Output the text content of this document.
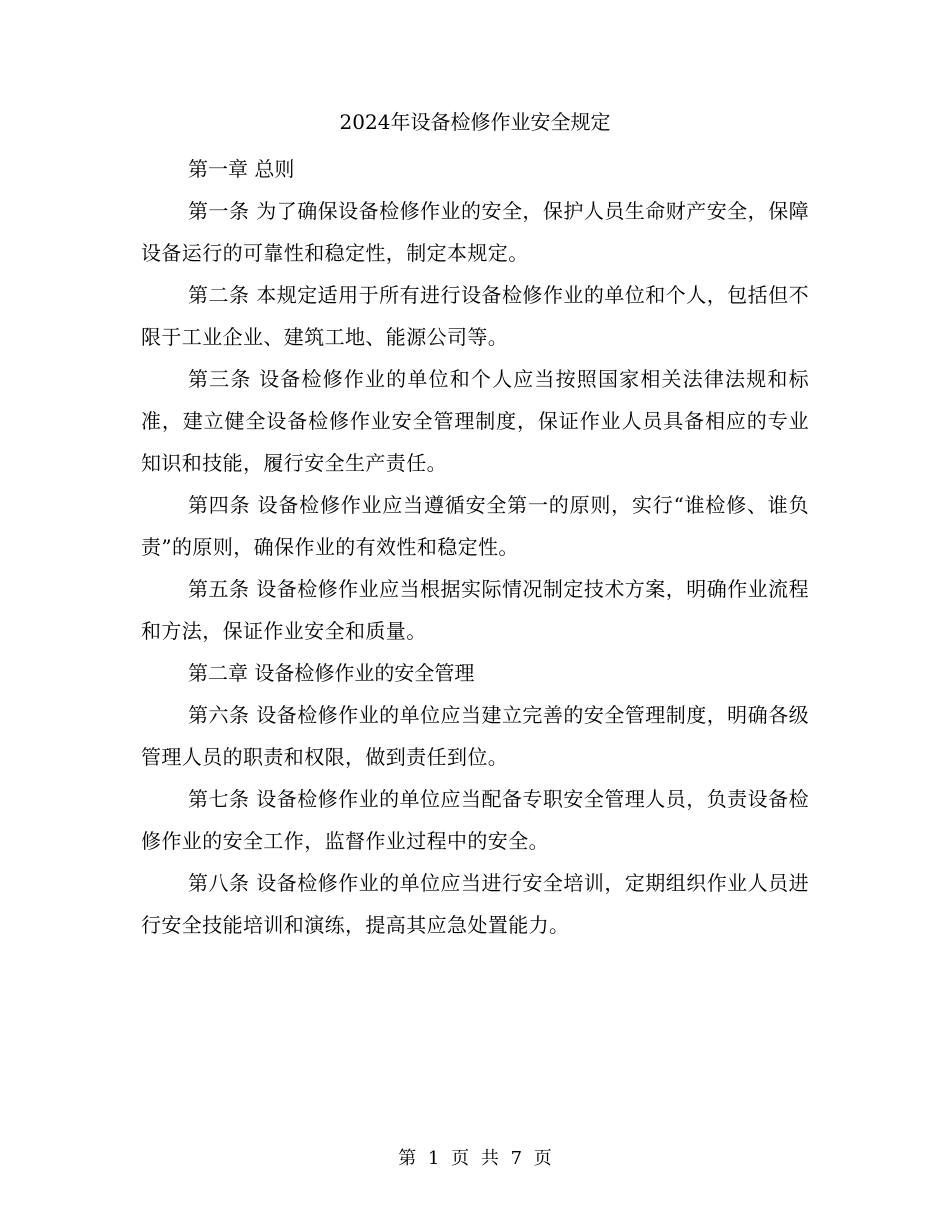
2024年设备检修作业安全规定

第一章 总则

第一条 为了确保设备检修作业的安全，保护人员生命财产安全，保障设备运行的可靠性和稳定性，制定本规定。

第二条 本规定适用于所有进行设备检修作业的单位和个人，包括但不限于工业企业、建筑工地、能源公司等。

第三条 设备检修作业的单位和个人应当按照国家相关法律法规和标准，建立健全设备检修作业安全管理制度，保证作业人员具备相应的专业知识和技能，履行安全生产责任。

第四条 设备检修作业应当遵循安全第一的原则，实行“谁检修、谁负责”的原则，确保作业的有效性和稳定性。

第五条 设备检修作业应当根据实际情况制定技术方案，明确作业流程和方法，保证作业安全和质量。

第二章 设备检修作业的安全管理

第六条 设备检修作业的单位应当建立完善的安全管理制度，明确各级管理人员的职责和权限，做到责任到位。

第七条 设备检修作业的单位应当配备专职安全管理人员，负责设备检修作业的安全工作，监督作业过程中的安全。

第八条 设备检修作业的单位应当进行安全培训，定期组织作业人员进行安全技能培训和演练，提高其应急处置能力。

第 1 页 共 7 页
